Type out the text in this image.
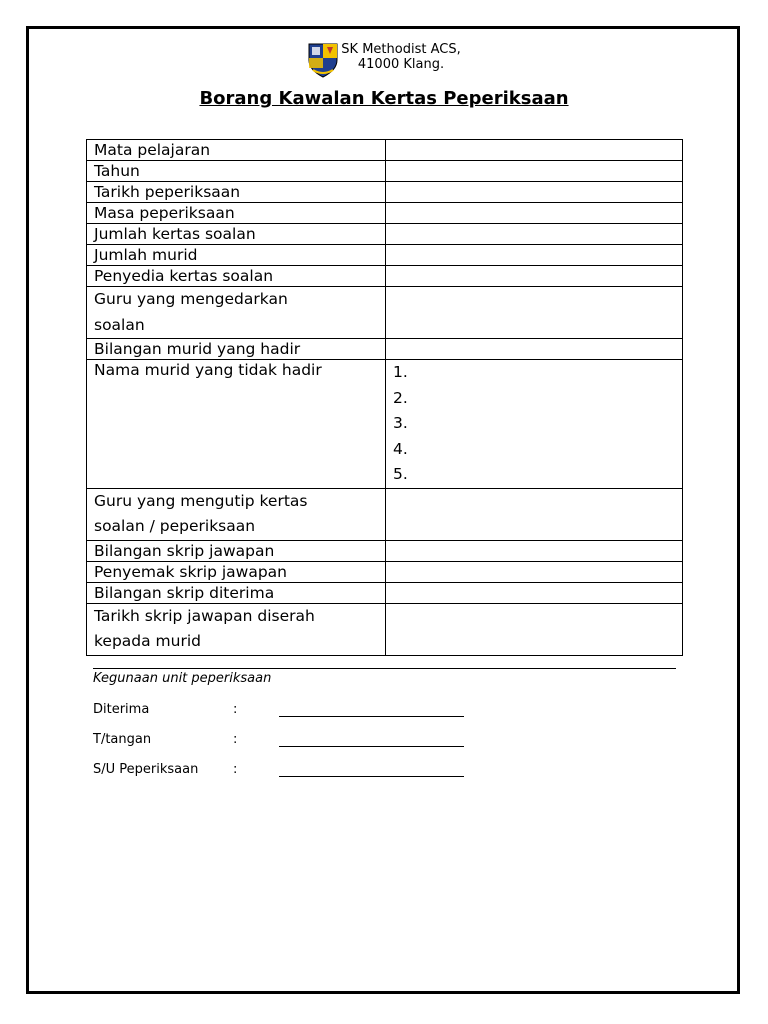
SK Methodist ACS,
41000 Klang.
Borang Kawalan Kertas Peperiksaan
Mata pelajaran	

Tahun	

Tarikh peperiksaan	

Masa peperiksaan	

Jumlah kertas soalan	

Jumlah murid	

Penyedia kertas soalan	

Guru yang mengedarkan
soalan	

Bilangan murid yang hadir	

Nama murid yang tidak hadir	1.
2.
3.
4.
5.

Guru yang mengutip kertas
soalan / peperiksaan	

Bilangan skrip jawapan	

Penyemak skrip jawapan	

Bilangan skrip diterima	

Tarikh skrip jawapan diserah
kepada murid	

Kegunaan unit peperiksaan
Diterima	:
T/tangan	:
S/U Peperiksaan	:
